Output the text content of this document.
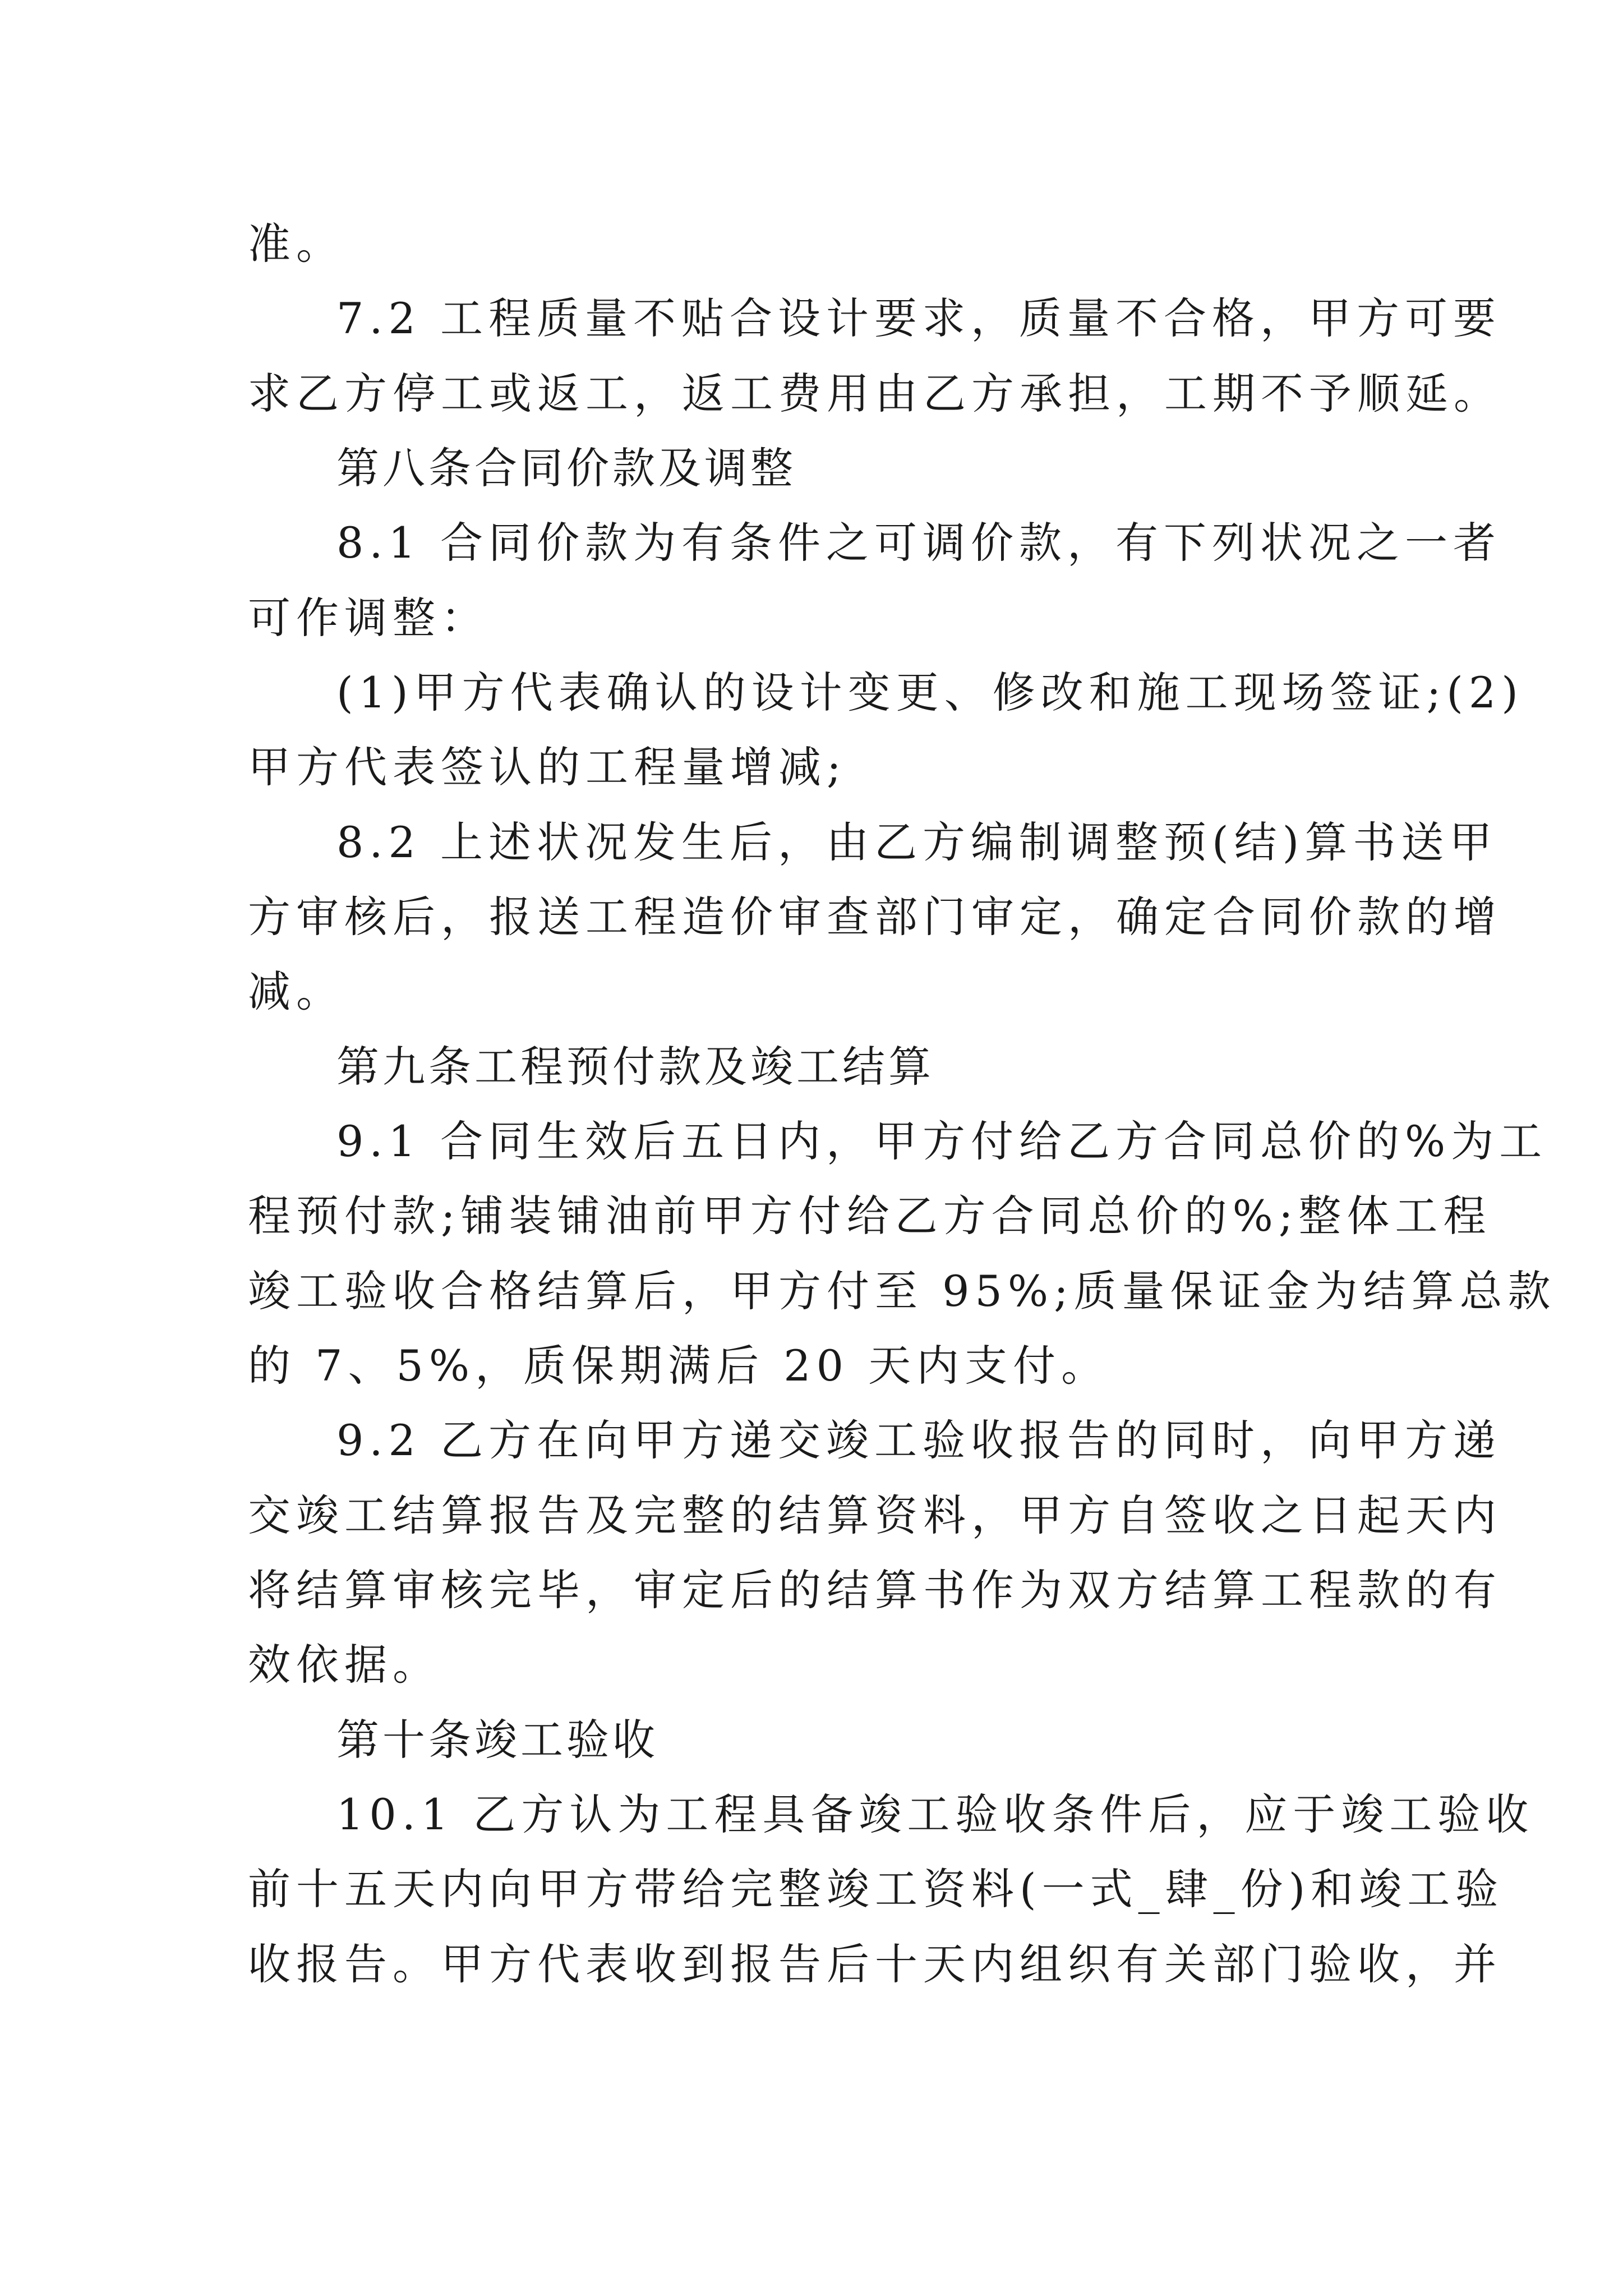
准。
7.2 工程质量不贴合设计要求，质量不合格，甲方可要
求乙方停工或返工，返工费用由乙方承担，工期不予顺延。
第八条合同价款及调整
8.1 合同价款为有条件之可调价款，有下列状况之一者
可作调整：
(1)甲方代表确认的设计变更、修改和施工现场签证;(2)
甲方代表签认的工程量增减;
8.2 上述状况发生后，由乙方编制调整预(结)算书送甲
方审核后，报送工程造价审查部门审定，确定合同价款的增
减。
第九条工程预付款及竣工结算
9.1 合同生效后五日内，甲方付给乙方合同总价的%为工
程预付款;铺装铺油前甲方付给乙方合同总价的%;整体工程
竣工验收合格结算后，甲方付至 95%;质量保证金为结算总款
的 7、5%，质保期满后 20 天内支付。
9.2 乙方在向甲方递交竣工验收报告的同时，向甲方递
交竣工结算报告及完整的结算资料，甲方自签收之日起天内
将结算审核完毕，审定后的结算书作为双方结算工程款的有
效依据。
第十条竣工验收
10.1 乙方认为工程具备竣工验收条件后，应于竣工验收
前十五天内向甲方带给完整竣工资料(一式_肆_份)和竣工验
收报告。甲方代表收到报告后十天内组织有关部门验收，并
